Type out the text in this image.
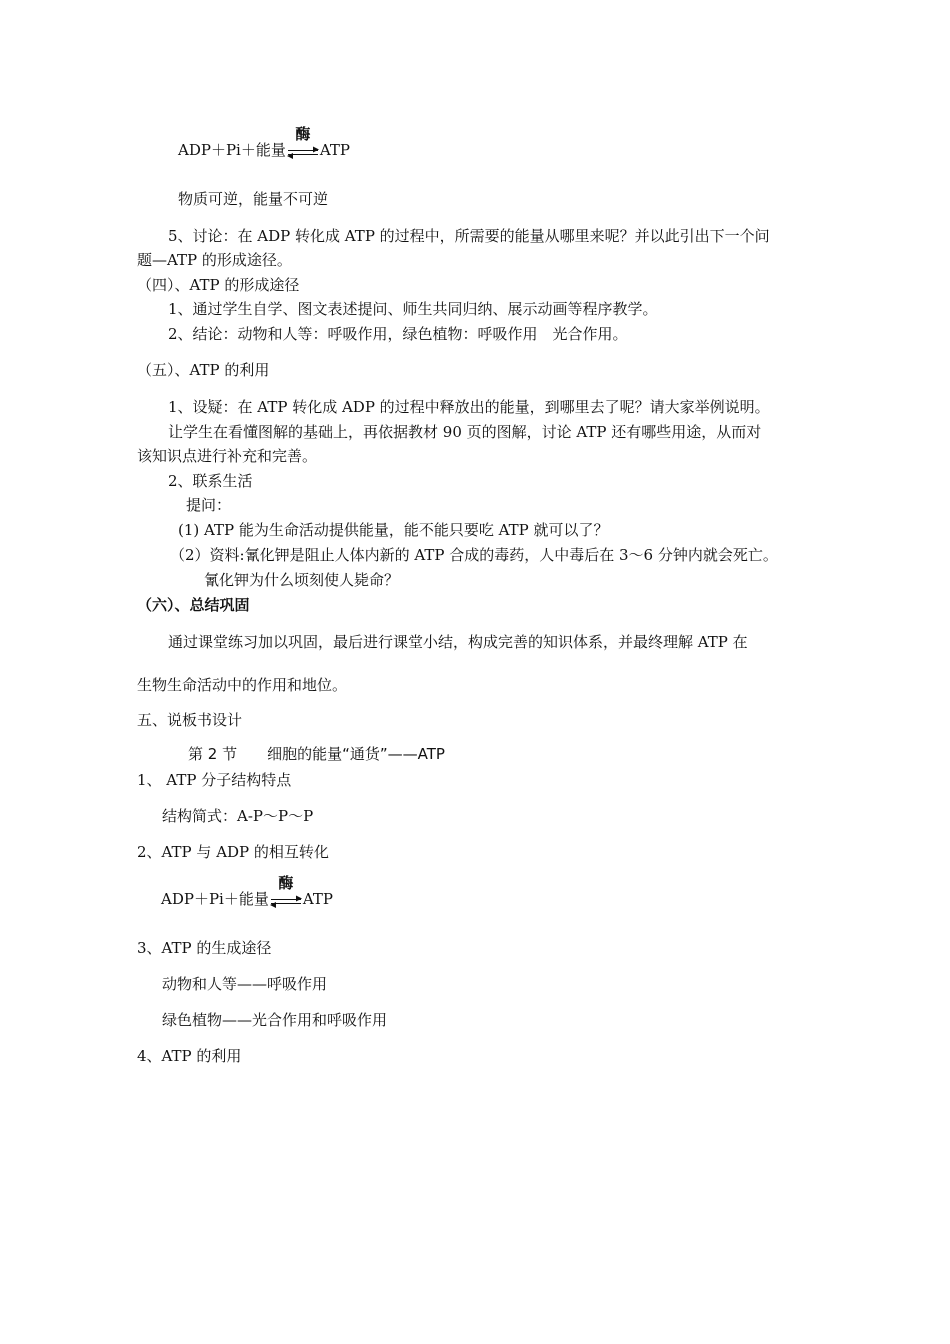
ADP＋Pi＋能量
酶
ATP
物质可逆，能量不可逆
5、讨论：在 ADP 转化成 ATP 的过程中，所需要的能量从哪里来呢？并以此引出下一个问
题—ATP 的形成途径。
（四）、ATP 的形成途径
1、通过学生自学、图文表述提问、师生共同归纳、展示动画等程序教学。
2、结论：动物和人等：呼吸作用，绿色植物：呼吸作用　光合作用。
（五）、ATP 的利用
1、设疑：在 ATP 转化成 ADP 的过程中释放出的能量，到哪里去了呢？请大家举例说明。
让学生在看懂图解的基础上，再依据教材 90 页的图解，讨论 ATP 还有哪些用途，从而对
该知识点进行补充和完善。
2、联系生活
提问：
(1) ATP 能为生命活动提供能量，能不能只要吃 ATP 就可以了？
（2）资料:氰化钾是阻止人体内新的 ATP 合成的毒药，人中毒后在 3～6 分钟内就会死亡。
氰化钾为什么顷刻使人毙命？
（六）、总结巩固
通过课堂练习加以巩固，最后进行课堂小结，构成完善的知识体系，并最终理解 ATP 在
生物生命活动中的作用和地位。
五、说板书设计
第 2 节　　细胞的能量“通货”——ATP
1、 ATP 分子结构特点
结构简式：A-P～P～P
2、ATP 与 ADP 的相互转化
ADP＋Pi＋能量
酶
ATP
3、ATP 的生成途径
动物和人等——呼吸作用
绿色植物——光合作用和呼吸作用
4、ATP 的利用
